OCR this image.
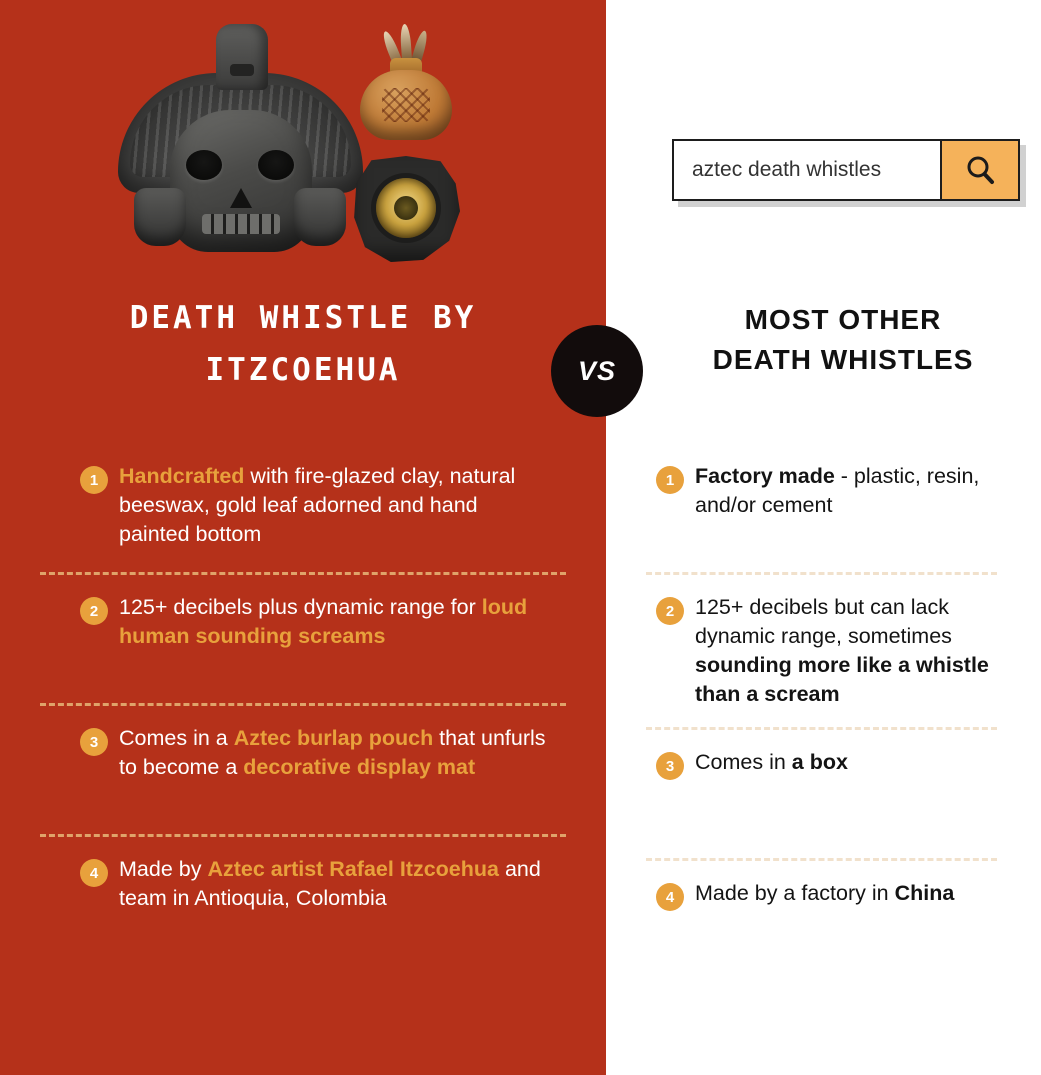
DEATH WHISTLE BY
ITZCOEHUA
1 Handcrafted with fire-glazed clay, natural beeswax, gold leaf adorned and hand painted bottom
2 125+ decibels plus dynamic range for loud human sounding screams
3 Comes in a Aztec burlap pouch that unfurls to become a decorative display mat
4 Made by Aztec artist Rafael Itzcoehua and team in Antioquia, Colombia
aztec death whistles
MOST OTHER
DEATH WHISTLES
1 Factory made - plastic, resin, and/or cement
2 125+ decibels but can lack dynamic range, sometimes sounding more like a whistle than a scream
3 Comes in a box
4 Made by a factory in China
VS
